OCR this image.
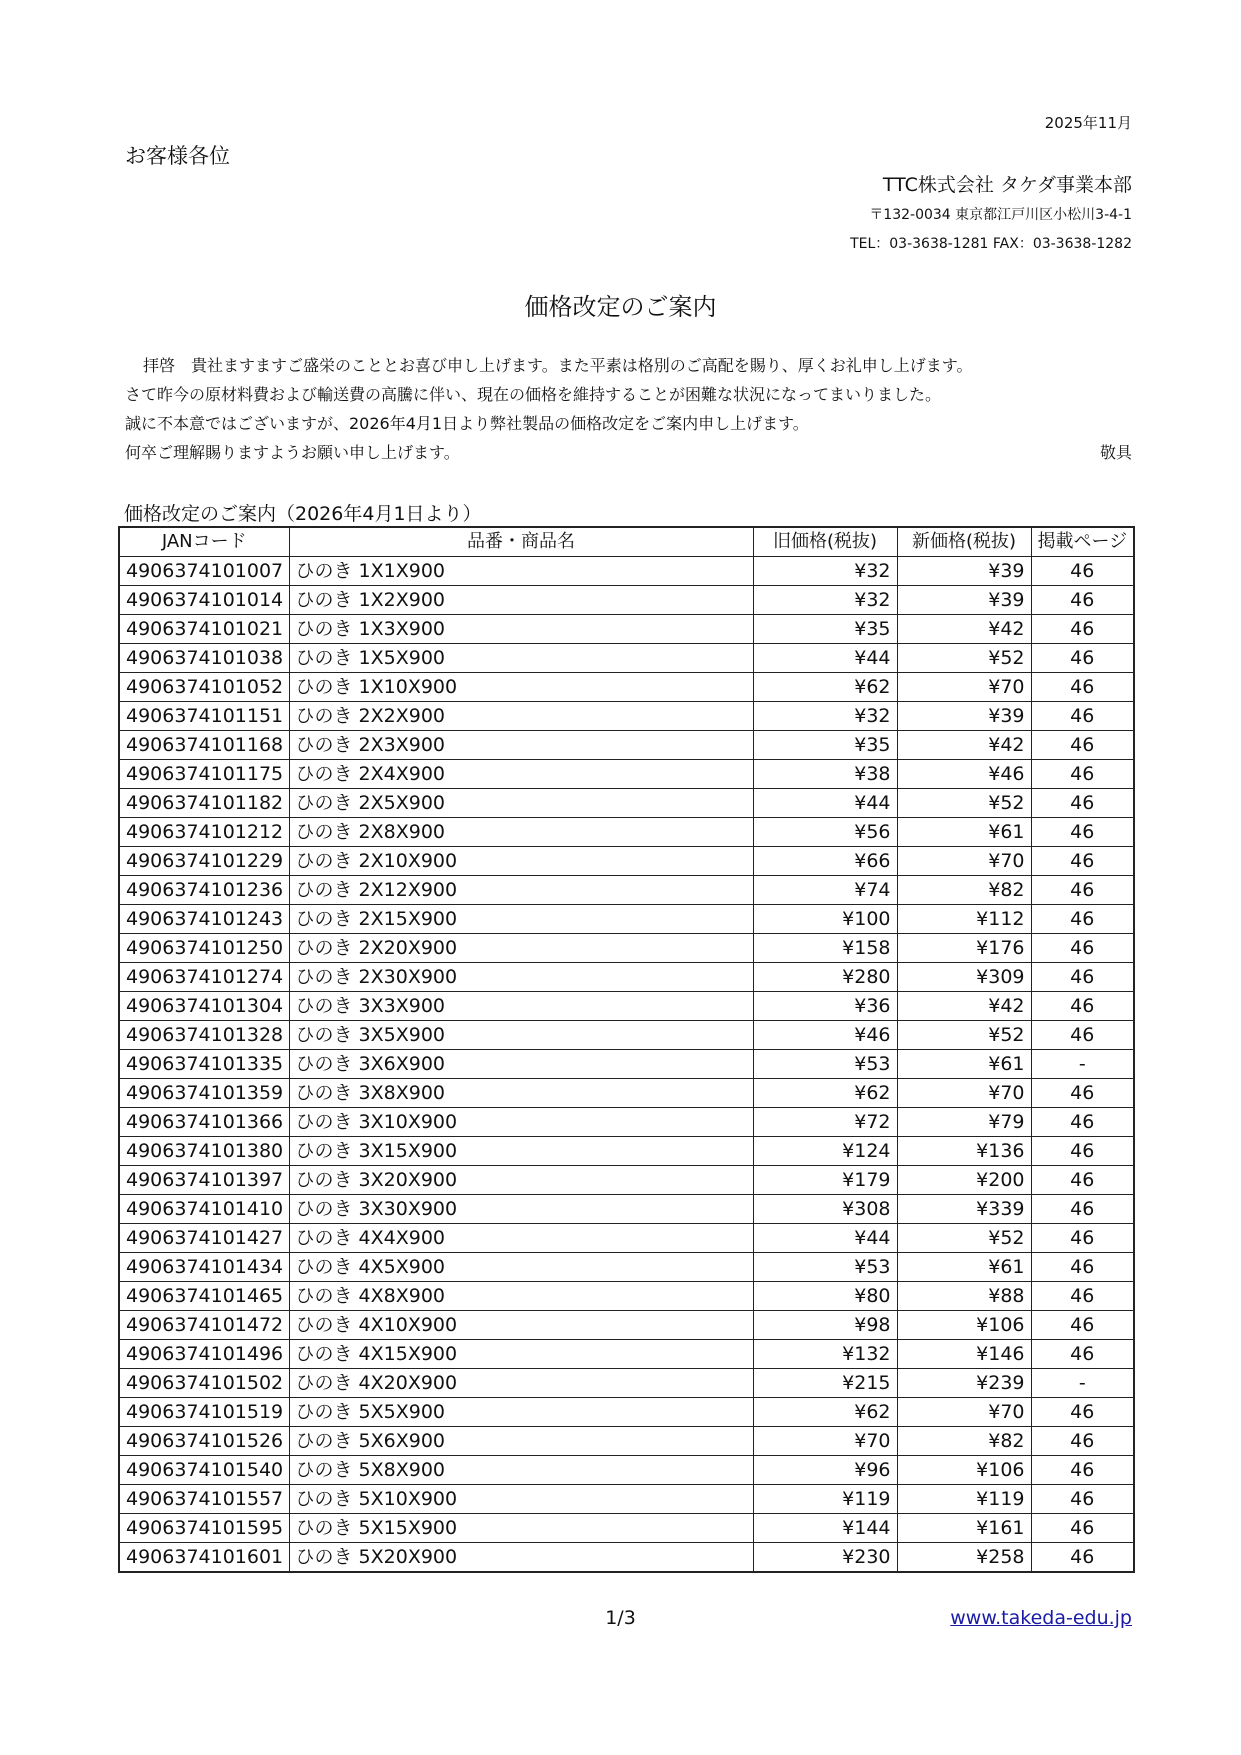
2025年11月
お客様各位
TTC株式会社 タケダ事業本部
〒132-0034 東京都江戸川区小松川3-4-1
TEL：03-3638-1281 FAX：03-3638-1282
価格改定のご案内
拝啓　貴社ますますご盛栄のこととお喜び申し上げます。また平素は格別のご高配を賜り、厚くお礼申し上げます。
さて昨今の原材料費および輸送費の高騰に伴い、現在の価格を維持することが困難な状況になってまいりました。
誠に不本意ではございますが、2026年4月1日より弊社製品の価格改定をご案内申し上げます。
何卒ご理解賜りますようお願い申し上げます。	敬具
価格改定のご案内（2026年4月1日より）
JANコード	品番・商品名	旧価格(税抜)	新価格(税抜)	掲載ページ
4906374101007	ひのき 1X1X900	¥32	¥39	46
4906374101014	ひのき 1X2X900	¥32	¥39	46
4906374101021	ひのき 1X3X900	¥35	¥42	46
4906374101038	ひのき 1X5X900	¥44	¥52	46
4906374101052	ひのき 1X10X900	¥62	¥70	46
4906374101151	ひのき 2X2X900	¥32	¥39	46
4906374101168	ひのき 2X3X900	¥35	¥42	46
4906374101175	ひのき 2X4X900	¥38	¥46	46
4906374101182	ひのき 2X5X900	¥44	¥52	46
4906374101212	ひのき 2X8X900	¥56	¥61	46
4906374101229	ひのき 2X10X900	¥66	¥70	46
4906374101236	ひのき 2X12X900	¥74	¥82	46
4906374101243	ひのき 2X15X900	¥100	¥112	46
4906374101250	ひのき 2X20X900	¥158	¥176	46
4906374101274	ひのき 2X30X900	¥280	¥309	46
4906374101304	ひのき 3X3X900	¥36	¥42	46
4906374101328	ひのき 3X5X900	¥46	¥52	46
4906374101335	ひのき 3X6X900	¥53	¥61	-
4906374101359	ひのき 3X8X900	¥62	¥70	46
4906374101366	ひのき 3X10X900	¥72	¥79	46
4906374101380	ひのき 3X15X900	¥124	¥136	46
4906374101397	ひのき 3X20X900	¥179	¥200	46
4906374101410	ひのき 3X30X900	¥308	¥339	46
4906374101427	ひのき 4X4X900	¥44	¥52	46
4906374101434	ひのき 4X5X900	¥53	¥61	46
4906374101465	ひのき 4X8X900	¥80	¥88	46
4906374101472	ひのき 4X10X900	¥98	¥106	46
4906374101496	ひのき 4X15X900	¥132	¥146	46
4906374101502	ひのき 4X20X900	¥215	¥239	-
4906374101519	ひのき 5X5X900	¥62	¥70	46
4906374101526	ひのき 5X6X900	¥70	¥82	46
4906374101540	ひのき 5X8X900	¥96	¥106	46
4906374101557	ひのき 5X10X900	¥119	¥119	46
4906374101595	ひのき 5X15X900	¥144	¥161	46
4906374101601	ひのき 5X20X900	¥230	¥258	46
1/3	www.takeda-edu.jp
